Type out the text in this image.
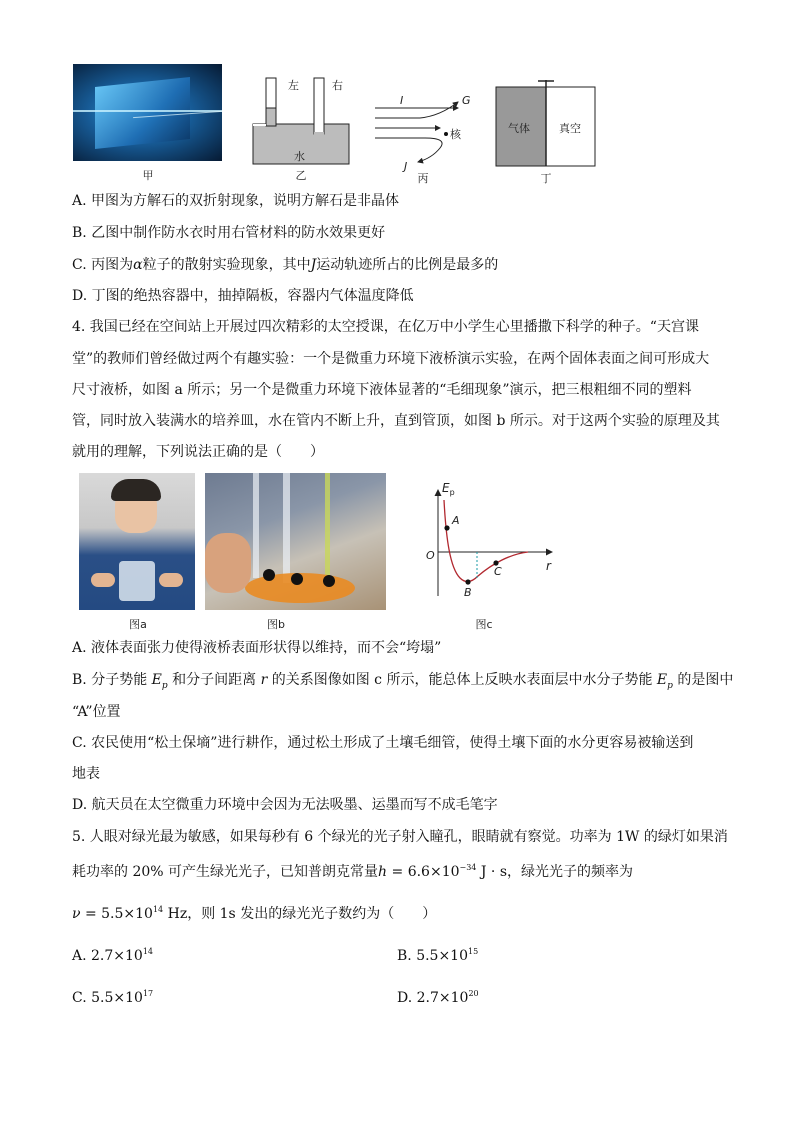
甲
左	右
水
乙
I	G
核
J
丙
气体	真空
丁
A. 甲图为方解石的双折射现象，说明方解石是非晶体
B. 乙图中制作防水衣时用右管材料的防水效果更好
C. 丙图为α粒子的散射实验现象，其中J运动轨迹所占的比例是最多的
D. 丁图的绝热容器中，抽掉隔板，容器内气体温度降低
4. 我国已经在空间站上开展过四次精彩的太空授课，在亿万中小学生心里播撒下科学的种子。“天宫课
堂”的教师们曾经做过两个有趣实验：一个是微重力环境下液桥演示实验，在两个固体表面之间可形成大
尺寸液桥，如图 a 所示；另一个是微重力环境下液体显著的“毛细现象”演示，把三根粗细不同的塑料
管，同时放入装满水的培养皿，水在管内不断上升，直到管顶，如图 b 所示。对于这两个实验的原理及其
就用的理解，下列说法正确的是（　　）
图a	图b
$E_p$
r
O
A
B
C
图c
A. 液体表面张力使得液桥表面形状得以维持，而不会“垮塌”
B. 分子势能 $E_p$ 和分子间距离 r 的关系图像如图 c 所示，能总体上反映水表面层中水分子势能 $E_p$ 的是图中
“A”位置
C. 农民使用“松土保墒”进行耕作，通过松土形成了土壤毛细管，使得土壤下面的水分更容易被输送到
地表
D. 航天员在太空微重力环境中会因为无法吸墨、运墨而写不成毛笔字
5. 人眼对绿光最为敏感，如果每秒有 6 个绿光的光子射入瞳孔，眼睛就有察觉。功率为 1W 的绿灯如果消
耗功率的 20% 可产生绿光光子，已知普朗克常量$h = 6.6\times 10^{-34}$ J · s，绿光光子的频率为
$\nu = 5.5\times 10^{14}$ Hz，则 1s 发出的绿光光子数约为（　　）
A. $2.7\times 10^{14}$	B. $5.5\times 10^{15}$
C. $5.5\times 10^{17}$	D. $2.7\times 10^{20}$
